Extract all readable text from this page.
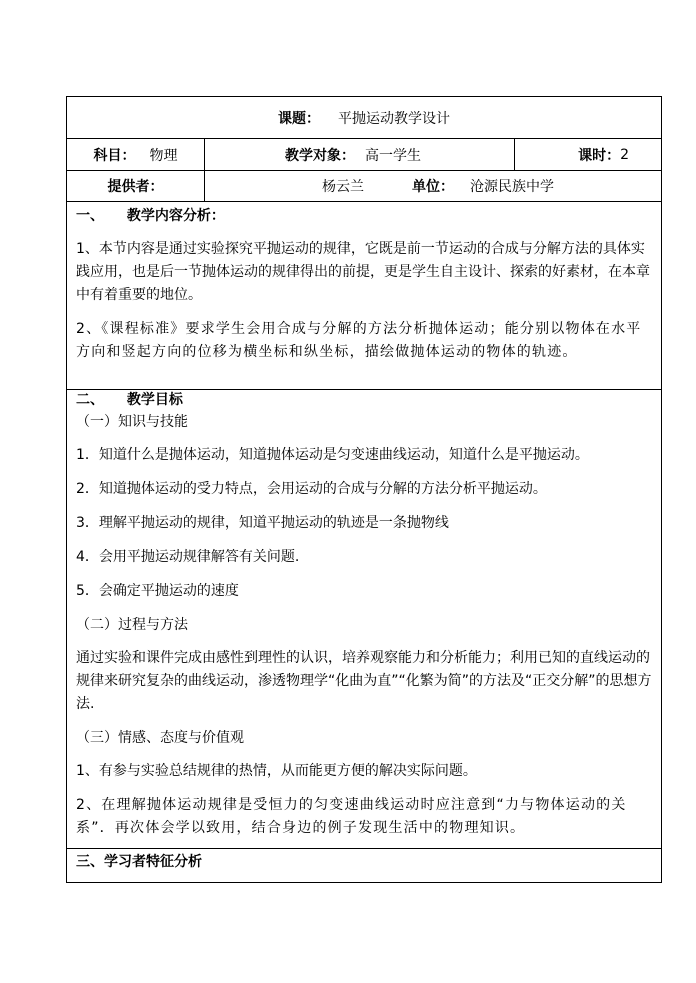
课题： 平抛运动教学设计
科目： 物理	教学对象： 高一学生	课时： 2
提供者：	杨云兰	单位： 沧源民族中学
一、 教学内容分析：

1、本节内容是通过实验探究平抛运动的规律，它既是前一节运动的合成与分解方法的具体实践应用，也是后一节抛体运动的规律得出的前提，更是学生自主设计、探索的好素材，在本章中有着重要的地位。

2、《课程标准》要求学生会用合成与分解的方法分析抛体运动；能分别以物体在水平方向和竖起方向的位移为横坐标和纵坐标，描绘做抛体运动的物体的轨迹。

二、 教学目标
（一）知识与技能

1．知道什么是抛体运动，知道抛体运动是匀变速曲线运动，知道什么是平抛运动。

2．知道抛体运动的受力特点，会用运动的合成与分解的方法分析平抛运动。

3．理解平抛运动的规律，知道平抛运动的轨迹是一条抛物线

4．会用平抛运动规律解答有关问题.

5．会确定平抛运动的速度

（二）过程与方法

通过实验和课件完成由感性到理性的认识，培养观察能力和分析能力；利用已知的直线运动的规律来研究复杂的曲线运动，渗透物理学“化曲为直”“化繁为简”的方法及“正交分解”的思想方法.

（三）情感、态度与价值观

1、有参与实验总结规律的热情，从而能更方便的解决实际问题。

2、在理解抛体运动规律是受恒力的匀变速曲线运动时应注意到“力与物体运动的关系”．再次体会学以致用，结合身边的例子发现生活中的物理知识。

三、学习者特征分析
